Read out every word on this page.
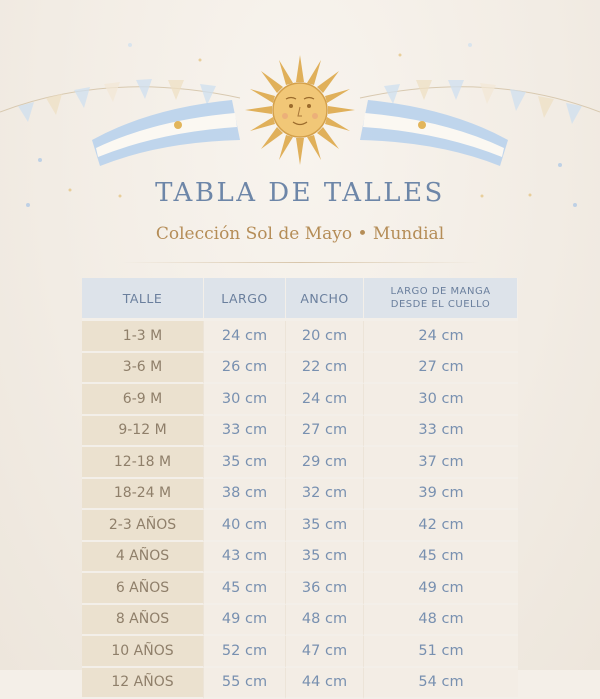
TABLA DE TALLES
Colección Sol de Mayo • Mundial
TALLE	LARGO	ANCHO	LARGO DE MANGA
DESDE EL CUELLO
1-3 M	24 cm	20 cm	24 cm
3-6 M	26 cm	22 cm	27 cm
6-9 M	30 cm	24 cm	30 cm
9-12 M	33 cm	27 cm	33 cm
12-18 M	35 cm	29 cm	37 cm
18-24 M	38 cm	32 cm	39 cm
2-3 AÑOS	40 cm	35 cm	42 cm
4 AÑOS	43 cm	35 cm	45 cm
6 AÑOS	45 cm	36 cm	49 cm
8 AÑOS	49 cm	48 cm	48 cm
10 AÑOS	52 cm	47 cm	51 cm
12 AÑOS	55 cm	44 cm	54 cm
